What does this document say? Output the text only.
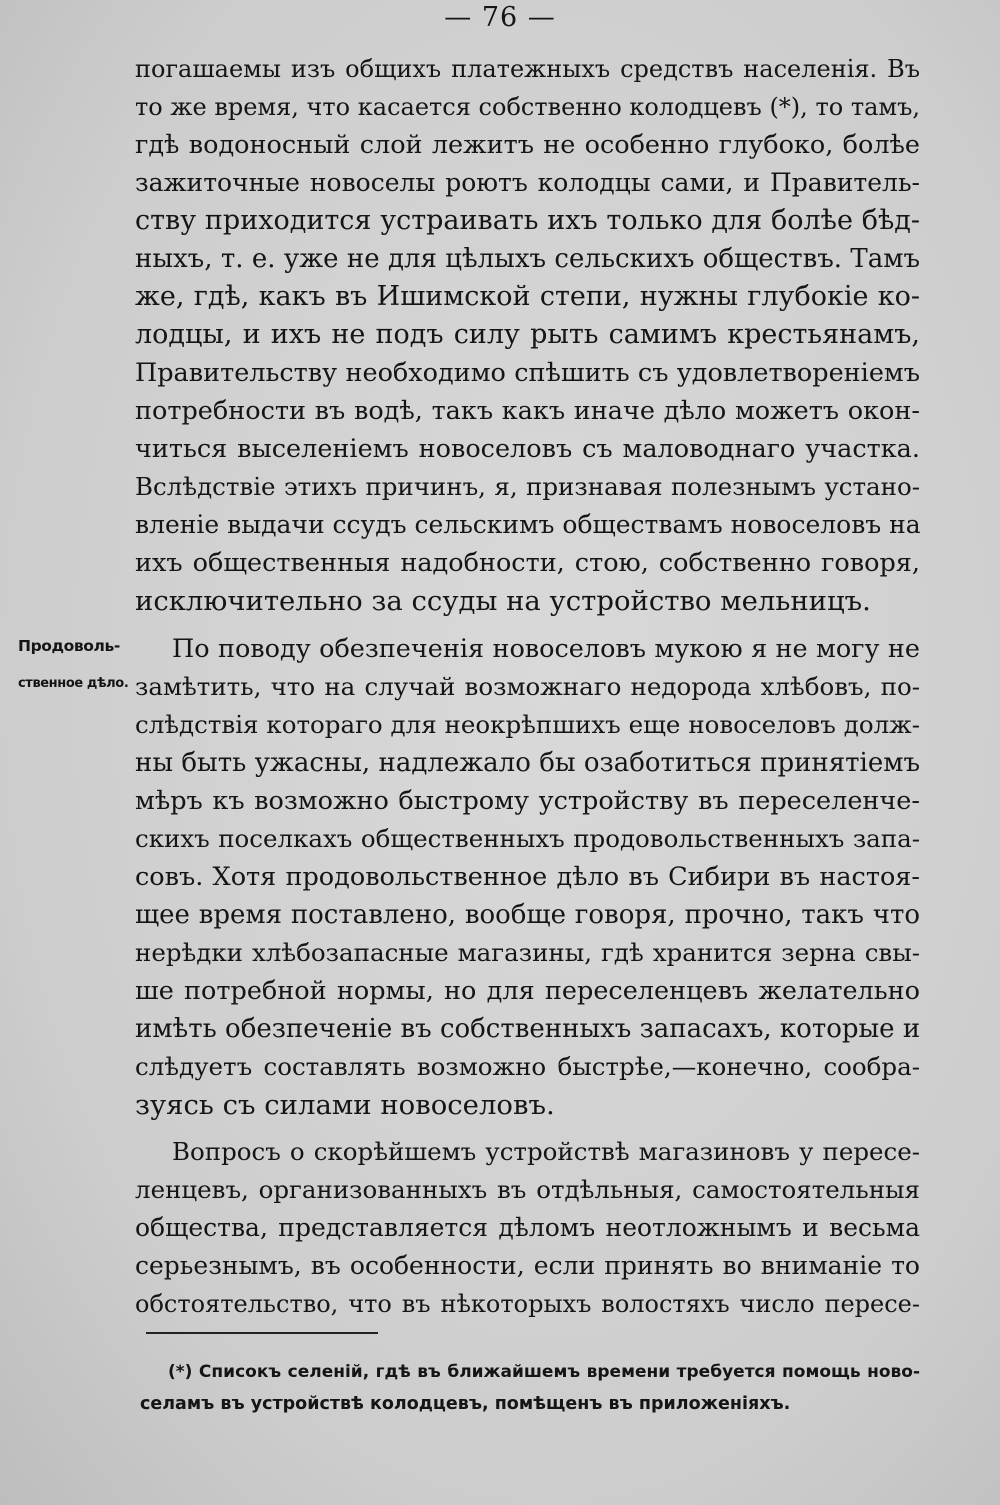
— 76 —
Продоволь-
ственное дѣло.
погашаемы изъ общихъ платежныхъ средствъ населенія. Въ
то же время, что касается собственно колодцевъ (*), то тамъ,
гдѣ водоносный слой лежитъ не особенно глубоко, болѣе
зажиточные новоселы роютъ колодцы сами, и Правитель-
ству приходится устраивать ихъ только для болѣе бѣд-
ныхъ, т. е. уже не для цѣлыхъ сельскихъ обществъ. Тамъ
же, гдѣ, какъ въ Ишимской степи, нужны глубокіе ко-
лодцы, и ихъ не подъ силу рыть самимъ крестьянамъ,
Правительству необходимо спѣшить съ удовлетвореніемъ
потребности въ водѣ, такъ какъ иначе дѣло можетъ окон-
читься выселеніемъ новоселовъ съ маловоднаго участка.
Вслѣдствіе этихъ причинъ, я, признавая полезнымъ устано-
вленіе выдачи ссудъ сельскимъ обществамъ новоселовъ на
ихъ общественныя надобности, стою, собственно говоря,
исключительно за ссуды на устройство мельницъ.
По поводу обезпеченія новоселовъ мукою я не могу не
замѣтить, что на случай возможнаго недорода хлѣбовъ, по-
слѣдствія котораго для неокрѣпшихъ еще новоселовъ долж-
ны быть ужасны, надлежало бы озаботиться принятіемъ
мѣръ къ возможно быстрому устройству въ переселенче-
скихъ поселкахъ общественныхъ продовольственныхъ запа-
совъ. Хотя продовольственное дѣло въ Сибири въ настоя-
щее время поставлено, вообще говоря, прочно, такъ что
нерѣдки хлѣбозапасные магазины, гдѣ хранится зерна свы-
ше потребной нормы, но для переселенцевъ желательно
имѣть обезпеченіе въ собственныхъ запасахъ, которые и
слѣдуетъ составлять возможно быстрѣе,—конечно, сообра-
зуясь съ силами новоселовъ.
Вопросъ о скорѣйшемъ устройствѣ магазиновъ у пересе-
ленцевъ, организованныхъ въ отдѣльныя, самостоятельныя
общества, представляется дѣломъ неотложнымъ и весьма
серьезнымъ, въ особенности, если принять во вниманіе то
обстоятельство, что въ нѣкоторыхъ волостяхъ число пересе-
(*) Списокъ селеній, гдѣ въ ближайшемъ времени требуется помощь ново-
селамъ въ устройствѣ колодцевъ, помѣщенъ въ приложеніяхъ.
